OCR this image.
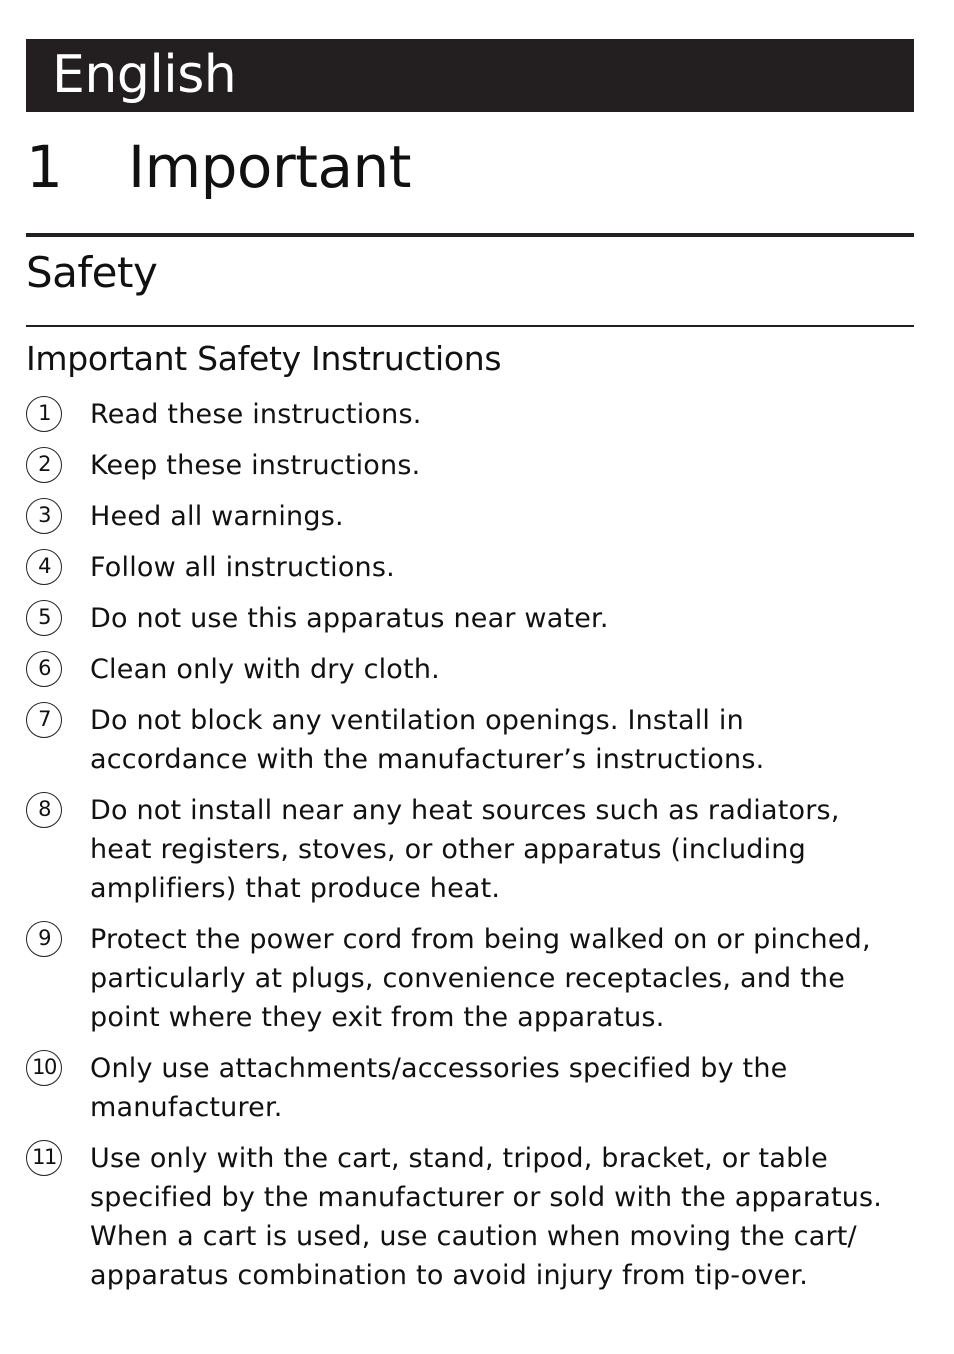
English
1	Important
Safety
Important Safety Instructions
1	Read these instructions.
2	Keep these instructions.
3	Heed all warnings.
4	Follow all instructions.
5	Do not use this apparatus near water.
6	Clean only with dry cloth.
7	Do not block any ventilation openings. Install in accordance with the manufacturer’s instructions.
8	Do not install near any heat sources such as radiators, heat registers, stoves, or other apparatus (including amplifiers) that produce heat.
9	Protect the power cord from being walked on or pinched, particularly at plugs, convenience receptacles, and the point where they exit from the apparatus.
10 Only use attachments/accessories specified by the manufacturer.
11 Use only with the cart, stand, tripod, bracket, or table specified by the manufacturer or sold with the apparatus. When a cart is used, use caution when moving the cart/ apparatus combination to avoid injury from tip-over.
